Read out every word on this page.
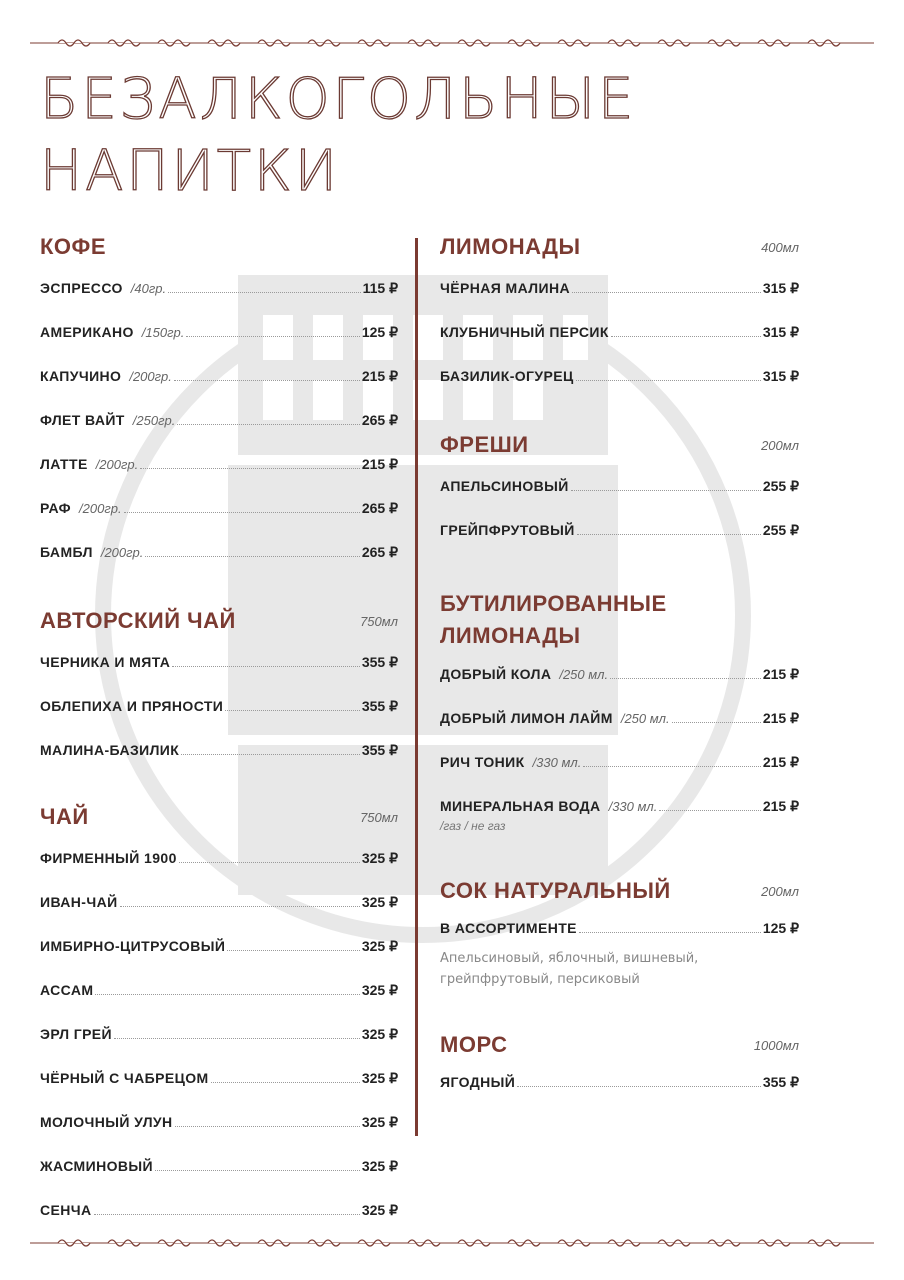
БЕЗАЛКОГОЛЬНЫЕ
НАПИТКИ
КОФЕ
ЭСПРЕССО /40гр.	115 ₽
АМЕРИКАНО /150гр.	125 ₽
КАПУЧИНО /200гр.	215 ₽
ФЛЕТ ВАЙТ /250гр.	265 ₽
ЛАТТЕ /200гр.	215 ₽
РАФ /200гр.	265 ₽
БАМБЛ /200гр.	265 ₽
АВТОРСКИЙ ЧАЙ	750мл
ЧЕРНИКА И МЯТА	355 ₽
ОБЛЕПИХА И ПРЯНОСТИ	355 ₽
МАЛИНА-БАЗИЛИК	355 ₽
ЧАЙ	750мл
ФИРМЕННЫЙ 1900	325 ₽
ИВАН-ЧАЙ	325 ₽
ИМБИРНО-ЦИТРУСОВЫЙ	325 ₽
АССАМ	325 ₽
ЭРЛ ГРЕЙ	325 ₽
ЧЁРНЫЙ С ЧАБРЕЦОМ	325 ₽
МОЛОЧНЫЙ УЛУН	325 ₽
ЖАСМИНОВЫЙ	325 ₽
СЕНЧА	325 ₽
ЛИМОНАДЫ	400мл
ЧЁРНАЯ МАЛИНА	315 ₽
КЛУБНИЧНЫЙ ПЕРСИК	315 ₽
БАЗИЛИК-ОГУРЕЦ	315 ₽
ФРЕШИ	200мл
АПЕЛЬСИНОВЫЙ	255 ₽
ГРЕЙПФРУТОВЫЙ	255 ₽
БУТИЛИРОВАННЫЕ
ЛИМОНАДЫ
ДОБРЫЙ КОЛА /250 мл.	215 ₽
ДОБРЫЙ ЛИМОН ЛАЙМ /250 мл.	215 ₽
РИЧ ТОНИК /330 мл.	215 ₽
МИНЕРАЛЬНАЯ ВОДА /330 мл.	215 ₽
/газ / не газ
СОК НАТУРАЛЬНЫЙ	200мл
В АССОРТИМЕНТЕ	125 ₽
Апельсиновый, яблочный, вишневый,
грейпфрутовый, персиковый
МОРС	1000мл
ЯГОДНЫЙ	355 ₽
